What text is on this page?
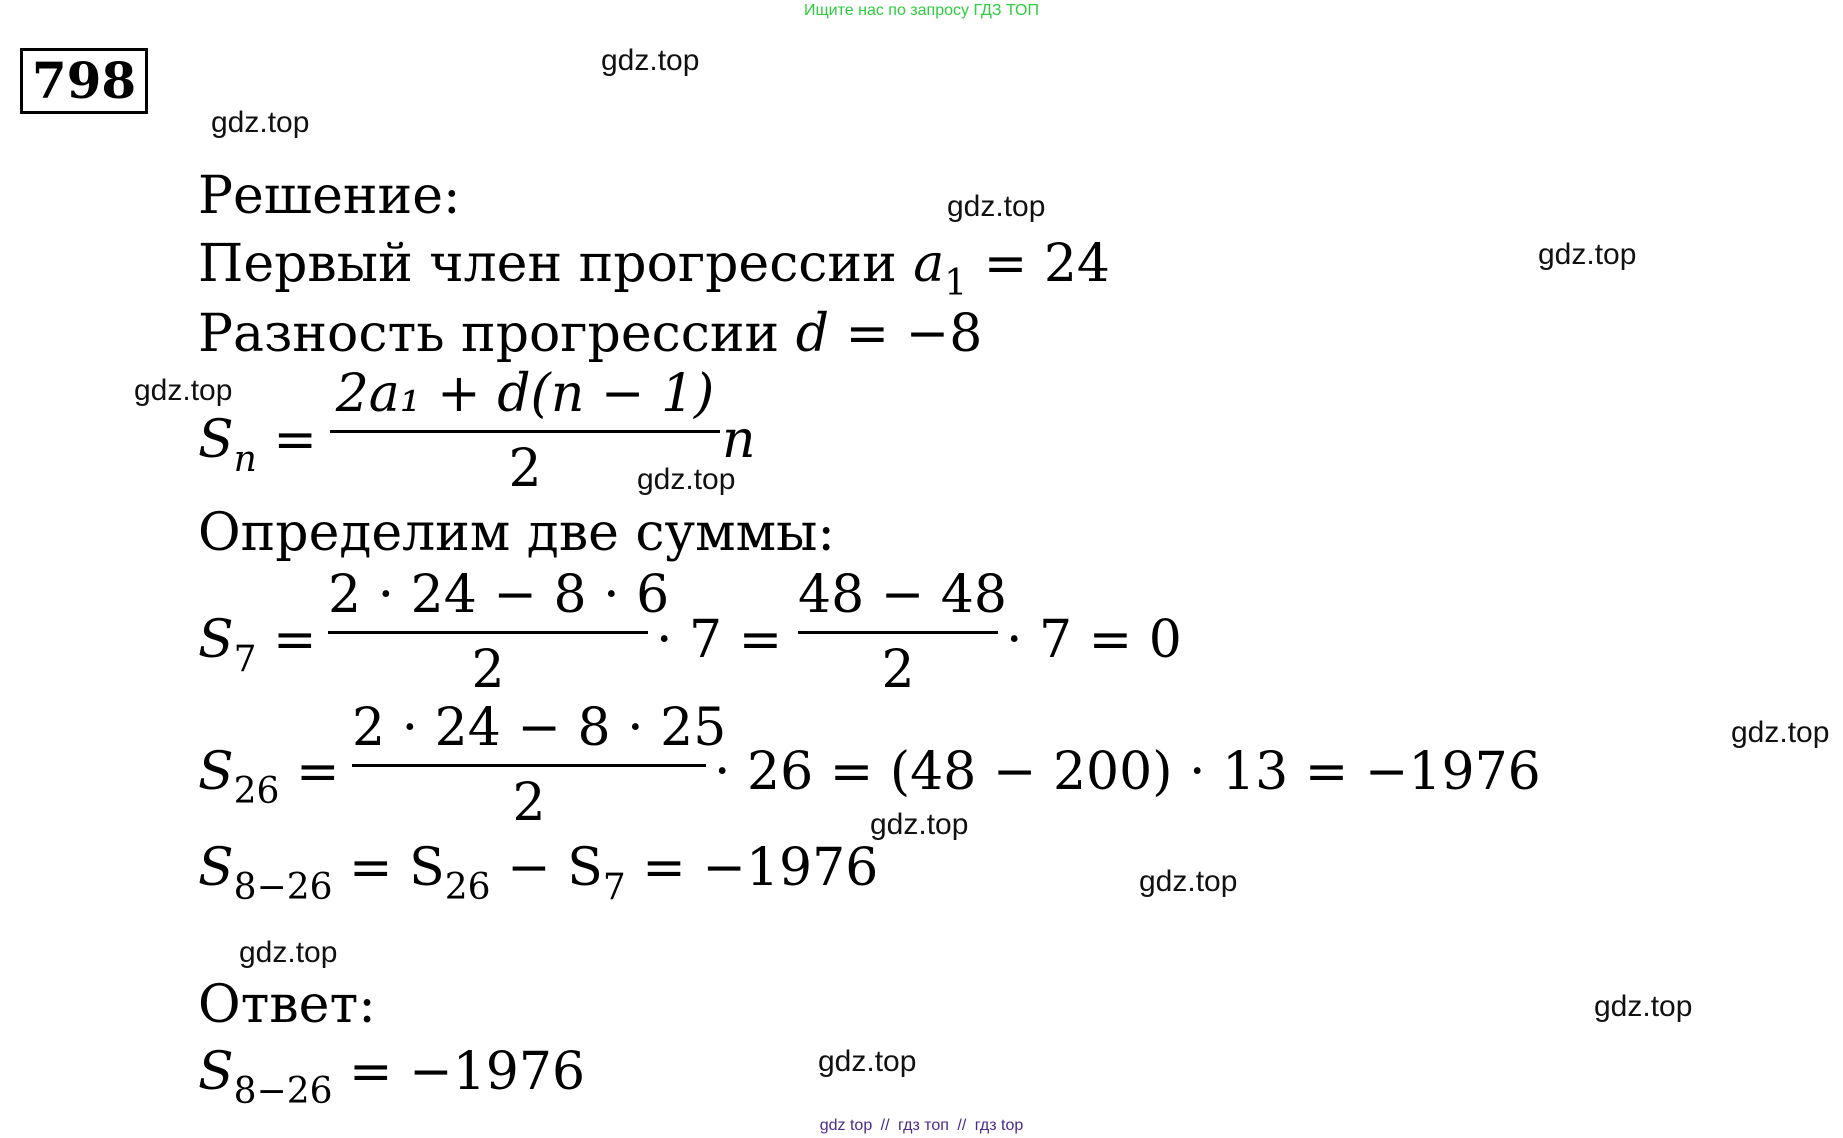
Ищите нас по запросу ГДЗ ТОП
798	gdz.top
gdz.top
gdz.top
gdz.top
gdz.top
gdz.top
gdz.top
gdz.top
gdz.top
gdz.top
gdz.top
gdz.top
Решение:
Первый член прогрессии $a_1 = 24$
Разность прогрессии d = −8
$S_n$ =
2a₁ + d(n − 1)
2	n
Определим две суммы:
$S_7$ =
2 · 24 − 8 · 6
2	· 7 =
48 − 48
2	· 7 = 0
$S_{26}$ =
2 · 24 − 8 · 25
2
· 26 = (48 − 200) · 13 = −1976
$S_{8-26} = S_{26} - S_7 = -1976$
Ответ:
$S_{8-26} = -1976$
gdz top // гдз топ // гдз top
